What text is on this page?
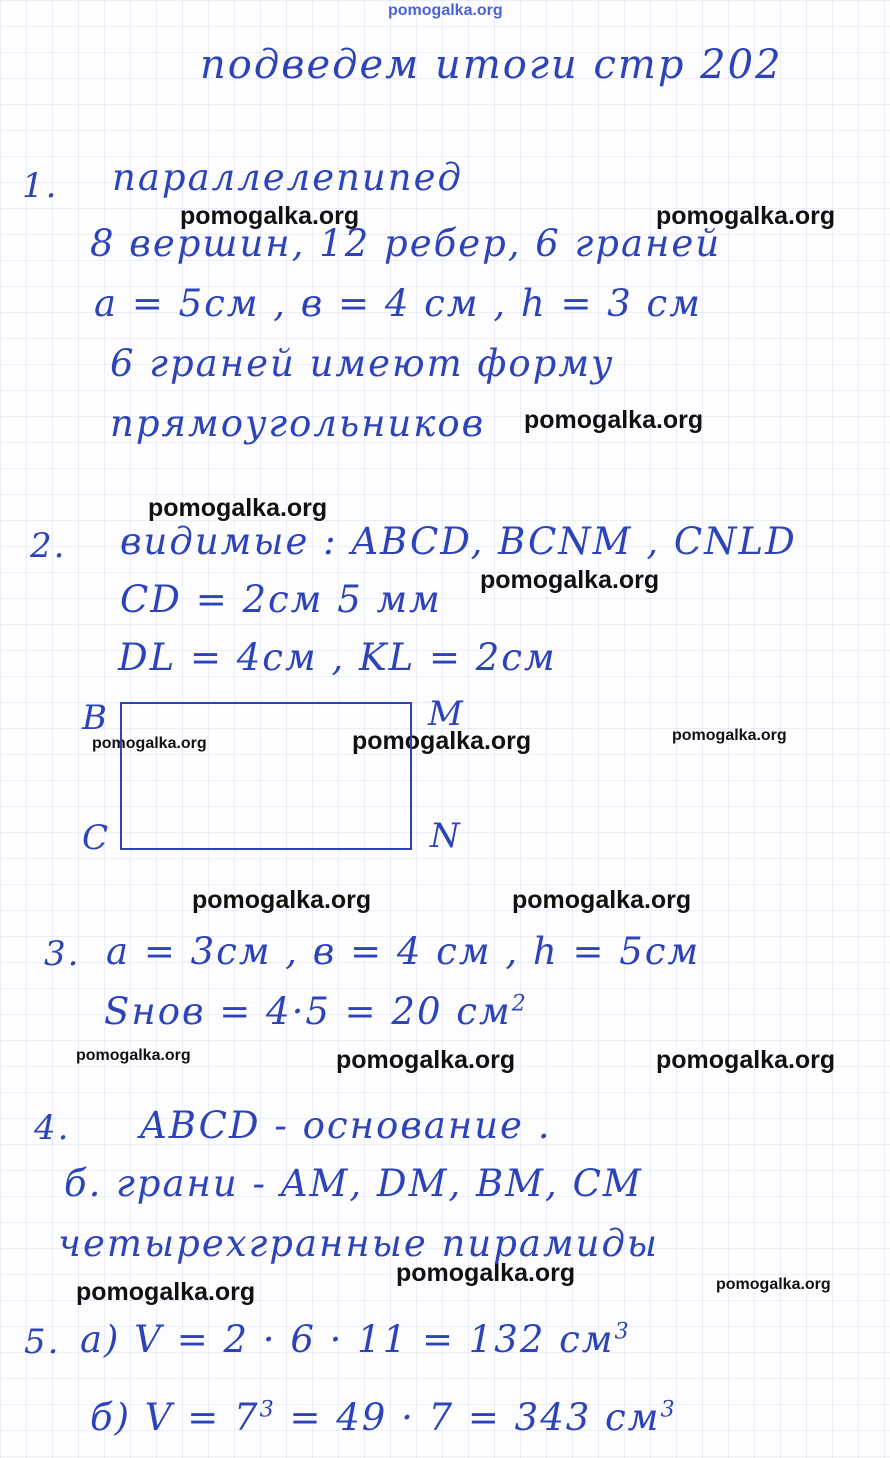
pomogalka.org
pomogalka.org	pomogalka.org
pomogalka.org
pomogalka.org
pomogalka.org
pomogalka.org	pomogalka.org	pomogalka.org
pomogalka.org	pomogalka.org
pomogalka.org	pomogalka.org	pomogalka.org
pomogalka.org
pomogalka.org	pomogalka.org
подведем итоги стр 202
1. параллелепипед
8 вершин, 12 ребер, 6 граней
a = 5см , в = 4 см , h = 3 см
6 граней имеют форму
прямоугольников
2. видимые : ABCD, BCNM , CNLD
CD = 2см 5 мм
DL = 4см , KL = 2см
B	M
C	N
3. a = 3см , в = 4 см , h = 5см
Sнов = 4·5 = 20 $см^2$
4. ABCD - основание .
б. грани - AM, DM, BM, CM
четырехгранные пирамиды
5. а) V = 2 · 6 · 11 = 132 $см^3$
б) $V = 7^3 = 49 \cdot 7 = 343$ $см^3$
